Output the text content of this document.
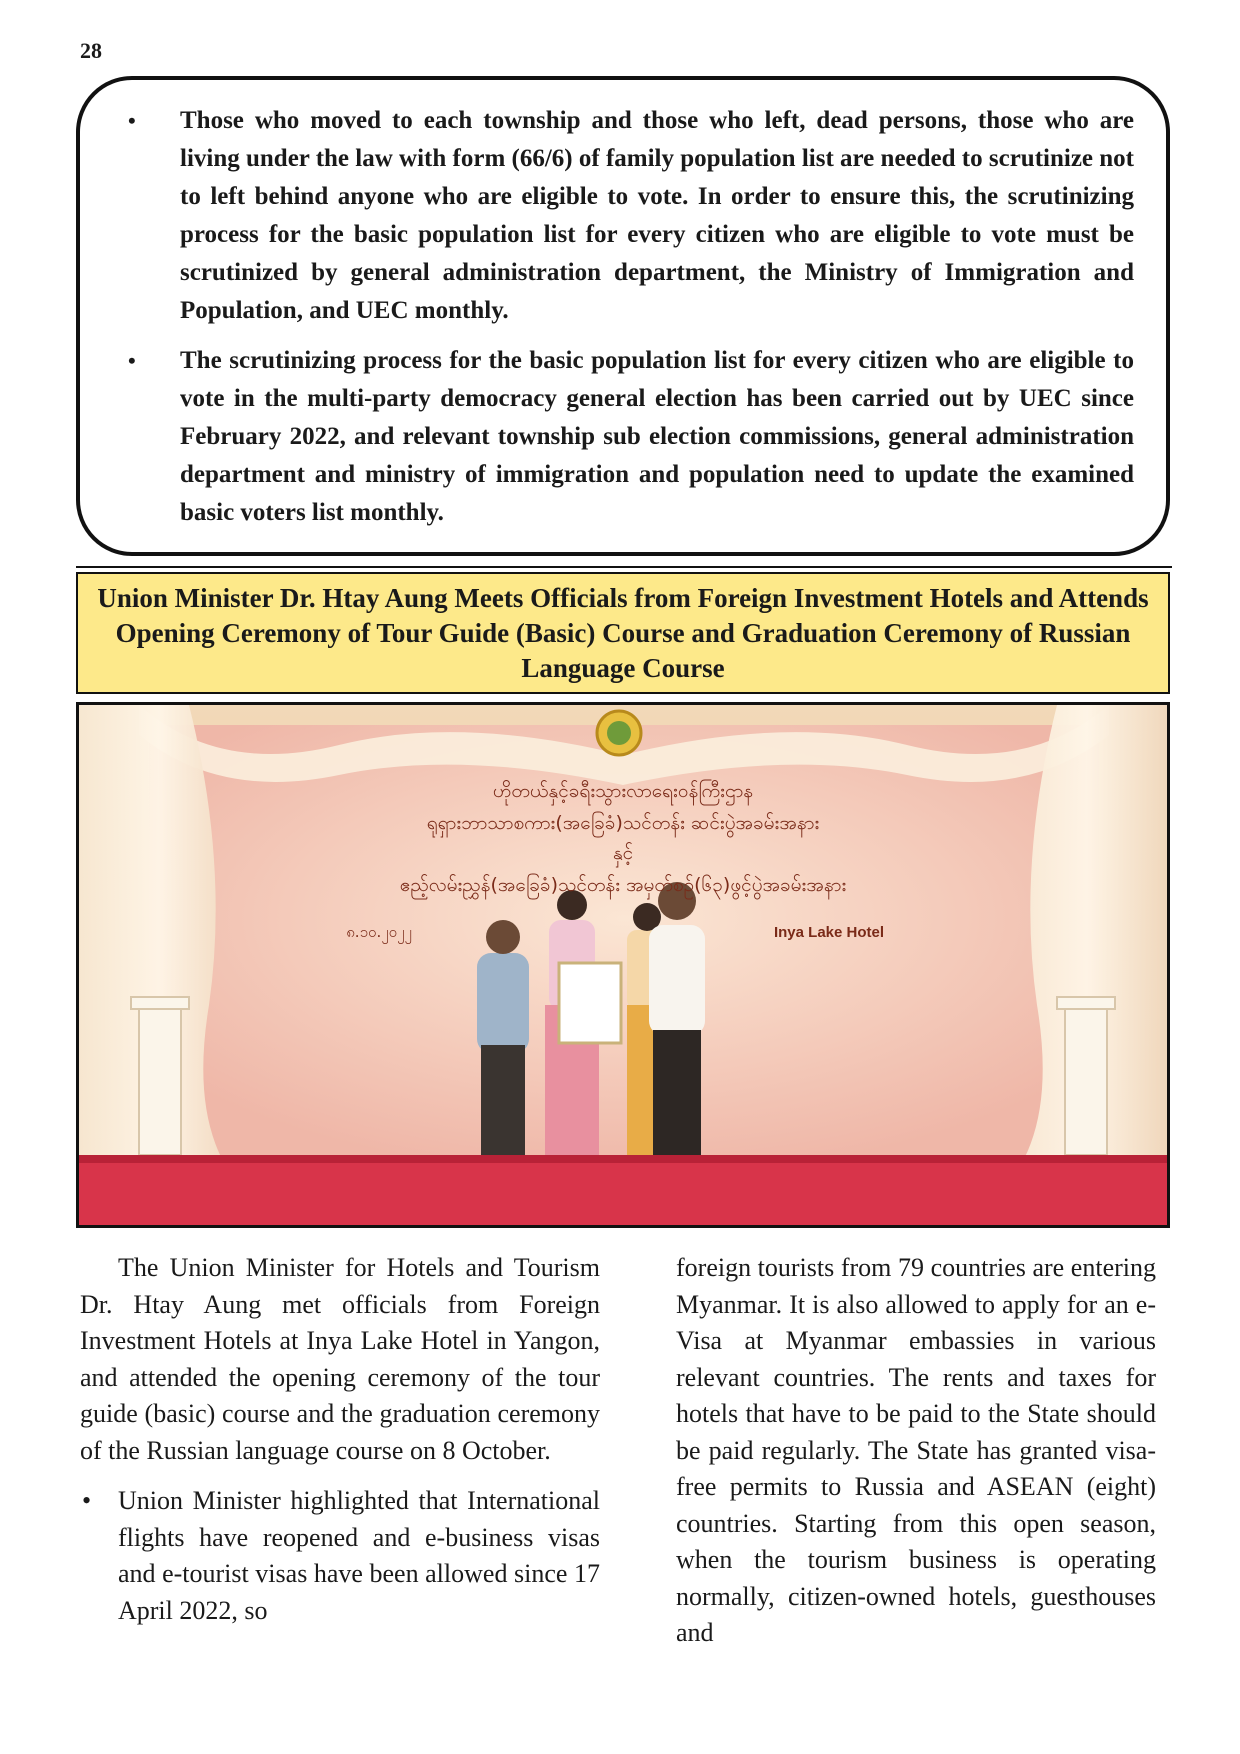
28
• Those who moved to each township and those who left, dead persons, those who are living under the law with form (66/6) of family population list are needed to scrutinize not to left behind anyone who are eligible to vote. In order to ensure this, the scrutinizing process for the basic population list for every citizen who are eligible to vote must be scrutinized by general administration department, the Ministry of Immigration and Population, and UEC monthly.
• The scrutinizing process for the basic population list for every citizen who are eligible to vote in the multi-party democracy general election has been carried out by UEC since February 2022, and relevant township sub election commissions, general administration department and ministry of immigration and population need to update the examined basic voters list monthly.
Union Minister Dr. Htay Aung Meets Officials from Foreign Investment Hotels and Attends Opening Ceremony of Tour Guide (Basic) Course and Graduation Ceremony of Russian Language Course
ဟိုတယ်နှင့်ခရီးသွားလာရေးဝန်ကြီးဌာန
ရုရှားဘာသာစကား(အခြေခံ)သင်တန်း ဆင်းပွဲအခမ်းအနား
နှင့်
ဧည့်လမ်းညွှန်(အခြေခံ)သင်တန်း အမှတ်စဉ်(၆၃)ဖွင့်ပွဲအခမ်းအနား
၈.၁၀.၂၀၂၂	Inya Lake Hotel

The Union Minister for Hotels and Tourism Dr. Htay Aung met officials from Foreign Investment Hotels at Inya Lake Hotel in Yangon, and attended the opening ceremony of the tour guide (basic) course and the graduation ceremony of the Russian language course on 8 October.

• Union Minister highlighted that International flights have reopened and e-business visas and e-tourist visas have been allowed since 17 April 2022, so

foreign tourists from 79 countries are entering Myanmar. It is also allowed to apply for an e-Visa at Myanmar embassies in various relevant countries. The rents and taxes for hotels that have to be paid to the State should be paid regularly. The State has granted visa-free permits to Russia and ASEAN (eight) countries. Starting from this open season, when the tourism business is operating normally, citizen-owned hotels, guesthouses and
